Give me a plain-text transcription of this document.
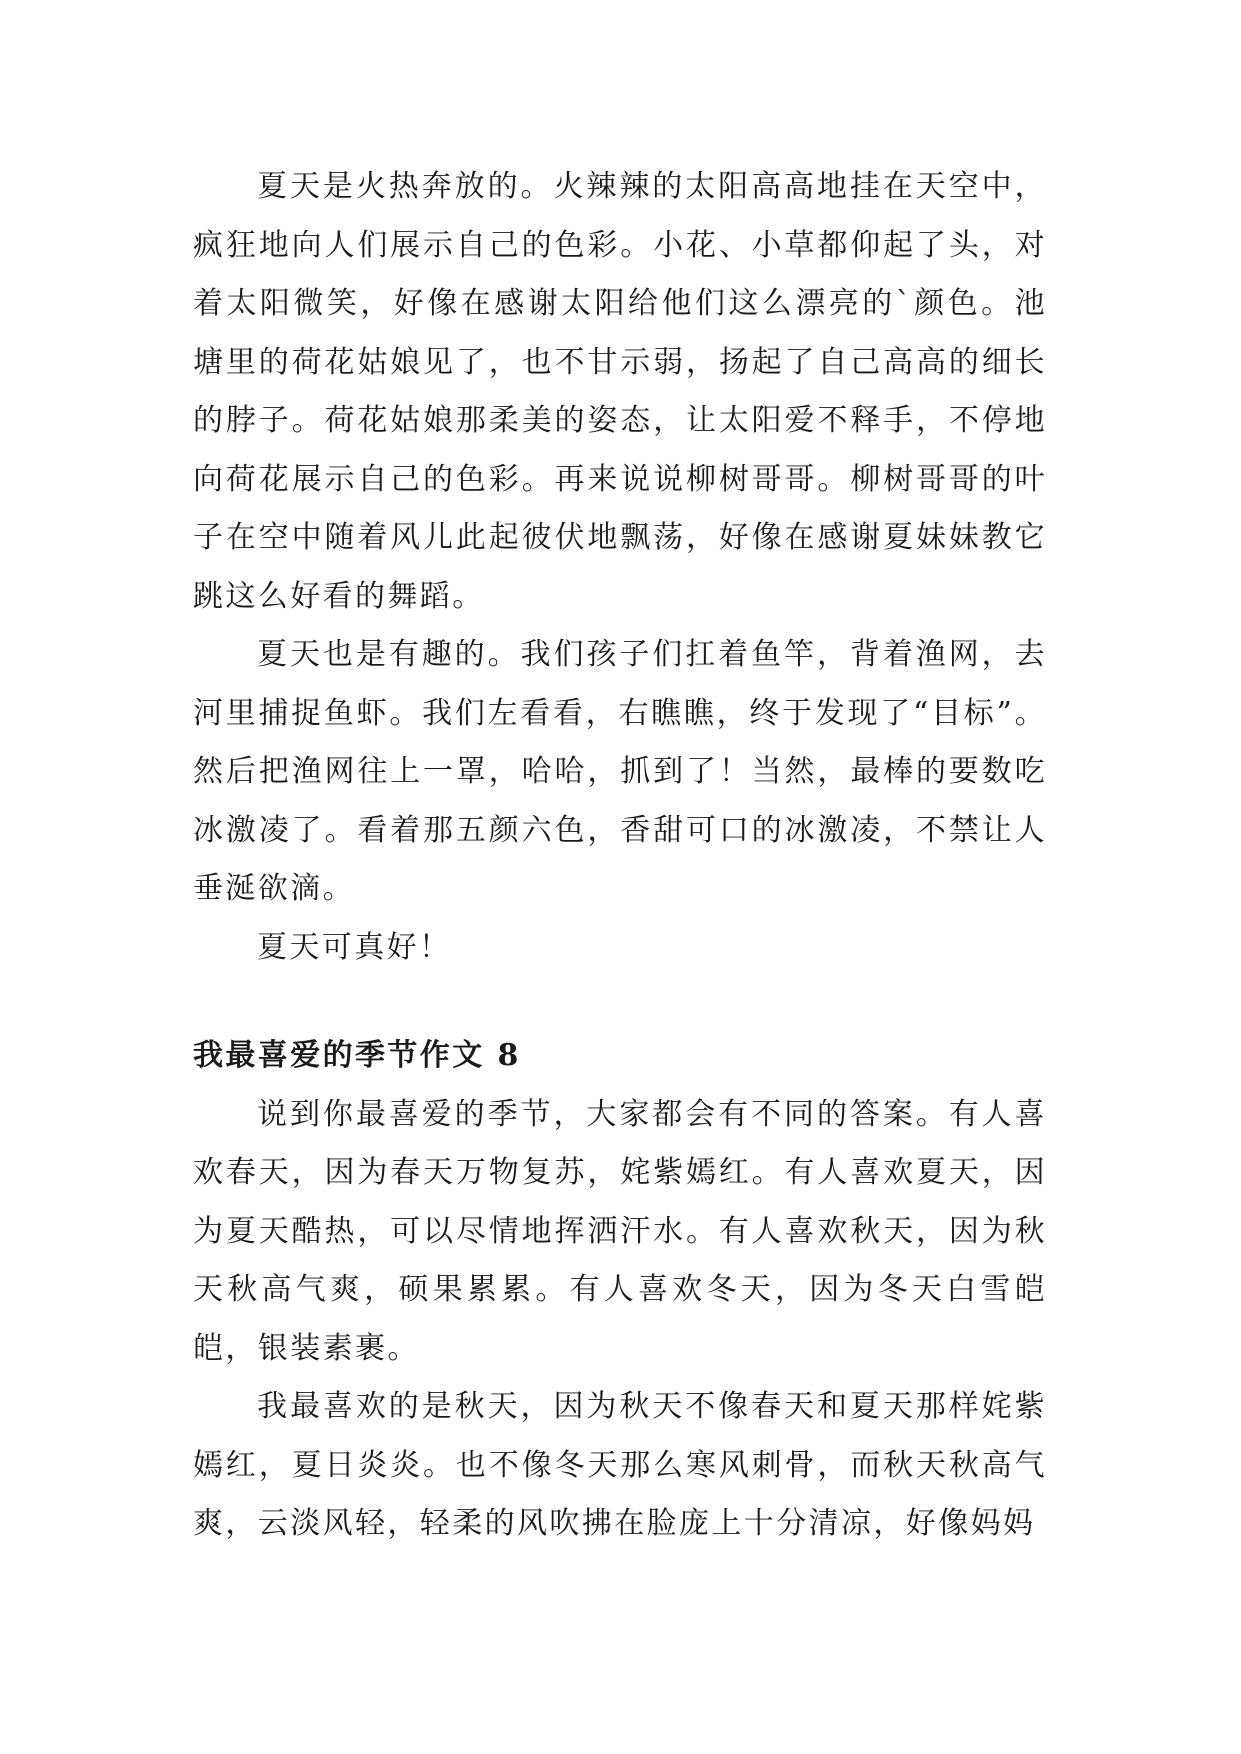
夏天是火热奔放的。火辣辣的太阳高高地挂在天空中，疯狂地向人们展示自己的色彩。小花、小草都仰起了头，对着太阳微笑，好像在感谢太阳给他们这么漂亮的`颜色。池塘里的荷花姑娘见了，也不甘示弱，扬起了自己高高的细长的脖子。荷花姑娘那柔美的姿态，让太阳爱不释手，不停地向荷花展示自己的色彩。再来说说柳树哥哥。柳树哥哥的叶子在空中随着风儿此起彼伏地飘荡，好像在感谢夏妹妹教它跳这么好看的舞蹈。

夏天也是有趣的。我们孩子们扛着鱼竿，背着渔网，去河里捕捉鱼虾。我们左看看，右瞧瞧，终于发现了“目标”。然后把渔网往上一罩，哈哈，抓到了！当然，最棒的要数吃冰激凌了。看着那五颜六色，香甜可口的冰激凌，不禁让人垂涎欲滴。

夏天可真好！

我最喜爱的季节作文 8

说到你最喜爱的季节，大家都会有不同的答案。有人喜欢春天，因为春天万物复苏，姹紫嫣红。有人喜欢夏天，因为夏天酷热，可以尽情地挥洒汗水。有人喜欢秋天，因为秋天秋高气爽，硕果累累。有人喜欢冬天，因为冬天白雪皑皑，银装素裹。

我最喜欢的是秋天，因为秋天不像春天和夏天那样姹紫嫣红，夏日炎炎。也不像冬天那么寒风刺骨，而秋天秋高气爽，云淡风轻，轻柔的风吹拂在脸庞上十分清凉，好像妈妈
